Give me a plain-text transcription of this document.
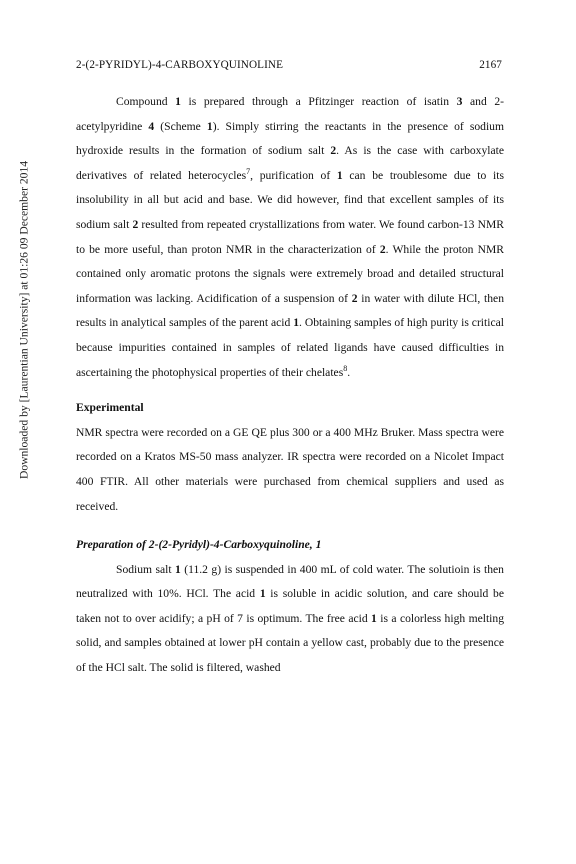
2-(2-PYRIDYL)-4-CARBOXYQUINOLINE	2167
Downloaded by [Laurentian University] at 01:26 09 December 2014

Compound 1 is prepared through a Pfitzinger reaction of isatin 3 and 2-acetylpyridine 4 (Scheme 1). Simply stirring the reactants in the presence of sodium hydroxide results in the formation of sodium salt 2. As is the case with carboxylate derivatives of related heterocycles$^7$, purification of 1 can be troublesome due to its insolubility in all but acid and base. We did however, find that excellent samples of its sodium salt 2 resulted from repeated crystallizations from water. We found carbon-13 NMR to be more useful, than proton NMR in the characterization of 2. While the proton NMR contained only aromatic protons the signals were extremely broad and detailed structural information was lacking. Acidification of a suspension of 2 in water with dilute HCl, then results in analytical samples of the parent acid 1. Obtaining samples of high purity is critical because impurities contained in samples of related ligands have caused difficulties in ascertaining the photophysical properties of their chelates$^8$.

Experimental

NMR spectra were recorded on a GE QE plus 300 or a 400 MHz Bruker. Mass spectra were recorded on a Kratos MS-50 mass analyzer. IR spectra were recorded on a Nicolet Impact 400 FTIR. All other materials were purchased from chemical suppliers and used as received.

Preparation of 2-(2-Pyridyl)-4-Carboxyquinoline, 1

Sodium salt 1 (11.2 g) is suspended in 400 mL of cold water. The solutioin is then neutralized with 10%. HCl. The acid 1 is soluble in acidic solution, and care should be taken not to over acidify; a pH of 7 is optimum. The free acid 1 is a colorless high melting solid, and samples obtained at lower pH contain a yellow cast, probably due to the presence of the HCl salt. The solid is filtered, washed
